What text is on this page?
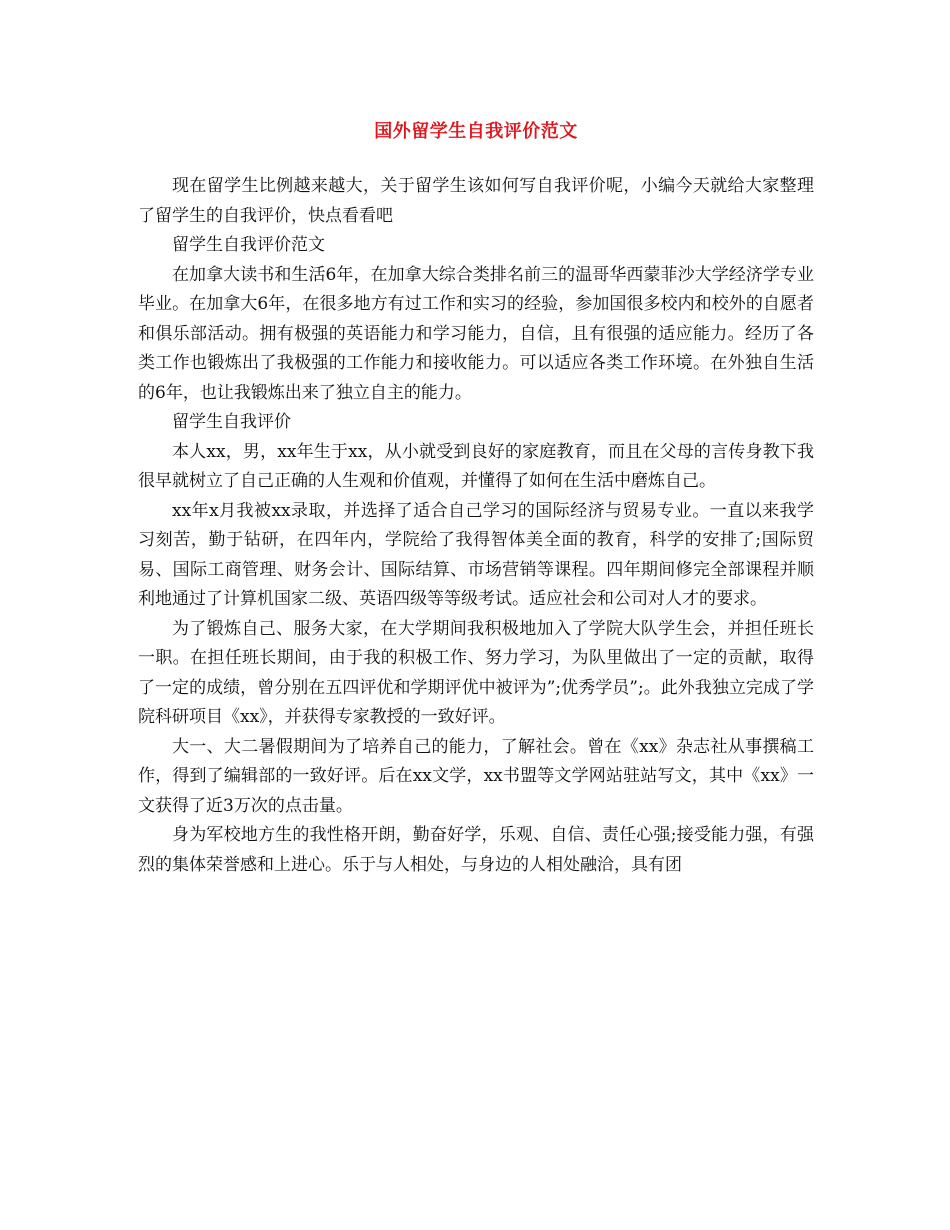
国外留学生自我评价范文

现在留学生比例越来越大，关于留学生该如何写自我评价呢，小编今天就给大家整理了留学生的自我评价，快点看看吧

留学生自我评价范文

在加拿大读书和生活6年，在加拿大综合类排名前三的温哥华西蒙菲沙大学经济学专业毕业。在加拿大6年，在很多地方有过工作和实习的经验，参加国很多校内和校外的自愿者和俱乐部活动。拥有极强的英语能力和学习能力，自信，且有很强的适应能力。经历了各类工作也锻炼出了我极强的工作能力和接收能力。可以适应各类工作环境。在外独自生活的6年，也让我锻炼出来了独立自主的能力。

留学生自我评价

本人xx，男，xx年生于xx，从小就受到良好的家庭教育，而且在父母的言传身教下我很早就树立了自己正确的人生观和价值观，并懂得了如何在生活中磨炼自己。

xx年x月我被xx录取，并选择了适合自己学习的国际经济与贸易专业。一直以来我学习刻苦，勤于钻研，在四年内，学院给了我得智体美全面的教育，科学的安排了;国际贸易、国际工商管理、财务会计、国际结算、市场营销等课程。四年期间修完全部课程并顺利地通过了计算机国家二级、英语四级等等级考试。适应社会和公司对人才的要求。

为了锻炼自己、服务大家，在大学期间我积极地加入了学院大队学生会，并担任班长一职。在担任班长期间，由于我的积极工作、努力学习，为队里做出了一定的贡献，取得了一定的成绩，曾分别在五四评优和学期评优中被评为”;优秀学员”;。此外我独立完成了学院科研项目《xx》，并获得专家教授的一致好评。

大一、大二暑假期间为了培养自己的能力，了解社会。曾在《xx》杂志社从事撰稿工作，得到了编辑部的一致好评。后在xx文学，xx书盟等文学网站驻站写文，其中《xx》一文获得了近3万次的点击量。

身为军校地方生的我性格开朗，勤奋好学，乐观、自信、责任心强;接受能力强，有强烈的集体荣誉感和上进心。乐于与人相处，与身边的人相处融洽，具有团
